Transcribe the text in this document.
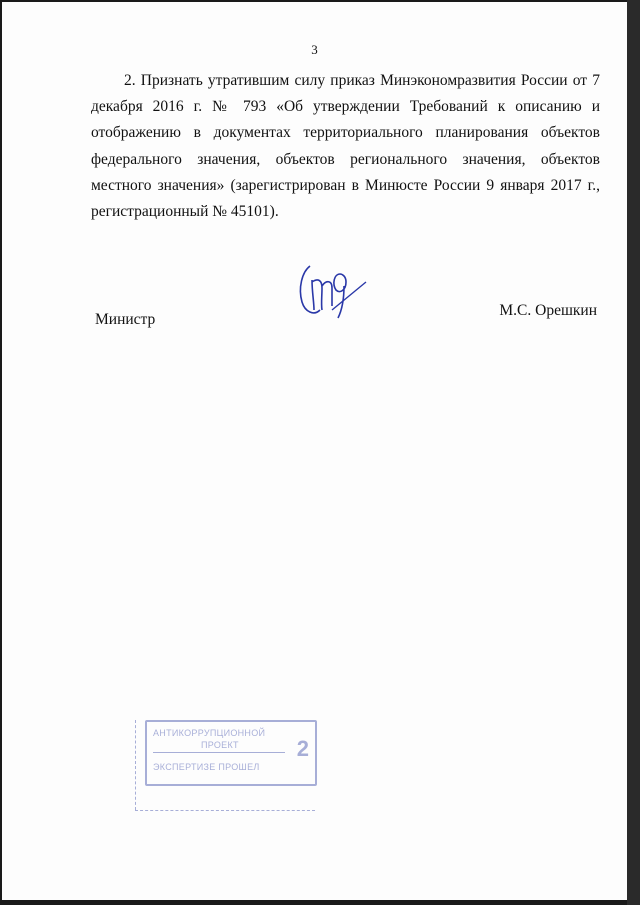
3

2. Признать утратившим силу приказ Минэкономразвития России от 7 декабря 2016 г. № 793 «Об утверждении Требований к описанию и отображению в документах территориального планирования объектов федерального значения, объектов регионального значения, объектов местного значения» (зарегистрирован в Минюсте России 9 января 2017 г., регистрационный № 45101).

Министр
М.С. Орешкин
АНТИКОРРУПЦИОННОЙ
ПРОЕКТ
ЭКСПЕРТИЗЕ ПРОШЕЛ
2
